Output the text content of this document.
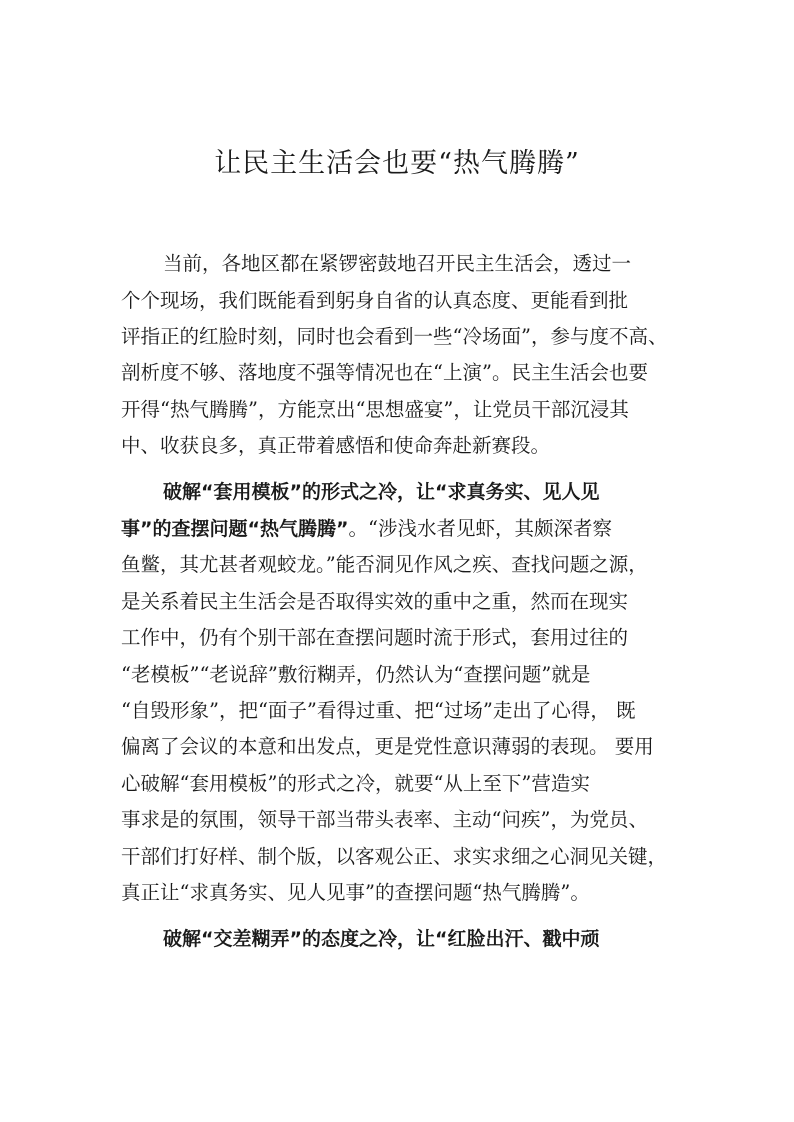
让民主生活会也要“热气腾腾”
当前，各地区都在紧锣密鼓地召开民主生活会，透过一
个个现场，我们既能看到躬身自省的认真态度、更能看到批
评指正的红脸时刻，同时也会看到一些“冷场面”，参与度不高、
剖析度不够、落地度不强等情况也在“上演”。民主生活会也要
开得“热气腾腾”，方能烹出“思想盛宴”，让党员干部沉浸其
中、收获良多，真正带着感悟和使命奔赴新赛段。
破解“套用模板”的形式之冷，让“求真务实、见人见
事”的查摆问题“热气腾腾”。“涉浅水者见虾，其颇深者察
鱼鳖，其尤甚者观蛟龙。”能否洞见作风之疾、查找问题之源，
是关系着民主生活会是否取得实效的重中之重，然而在现实
工作中，仍有个别干部在查摆问题时流于形式，套用过往的
“老模板”“老说辞”敷衍糊弄，仍然认为“查摆问题”就是
“自毁形象”，把“面子”看得过重、把“过场”走出了心得， 既
偏离了会议的本意和出发点，更是党性意识薄弱的表现。 要用
心破解“套用模板”的形式之冷，就要“从上至下”营造实
事求是的氛围，领导干部当带头表率、主动“问疾”，为党员、
干部们打好样、制个版，以客观公正、求实求细之心洞见关键，
真正让“求真务实、见人见事”的查摆问题“热气腾腾”。
破解“交差糊弄”的态度之冷，让“红脸出汗、戳中顽
